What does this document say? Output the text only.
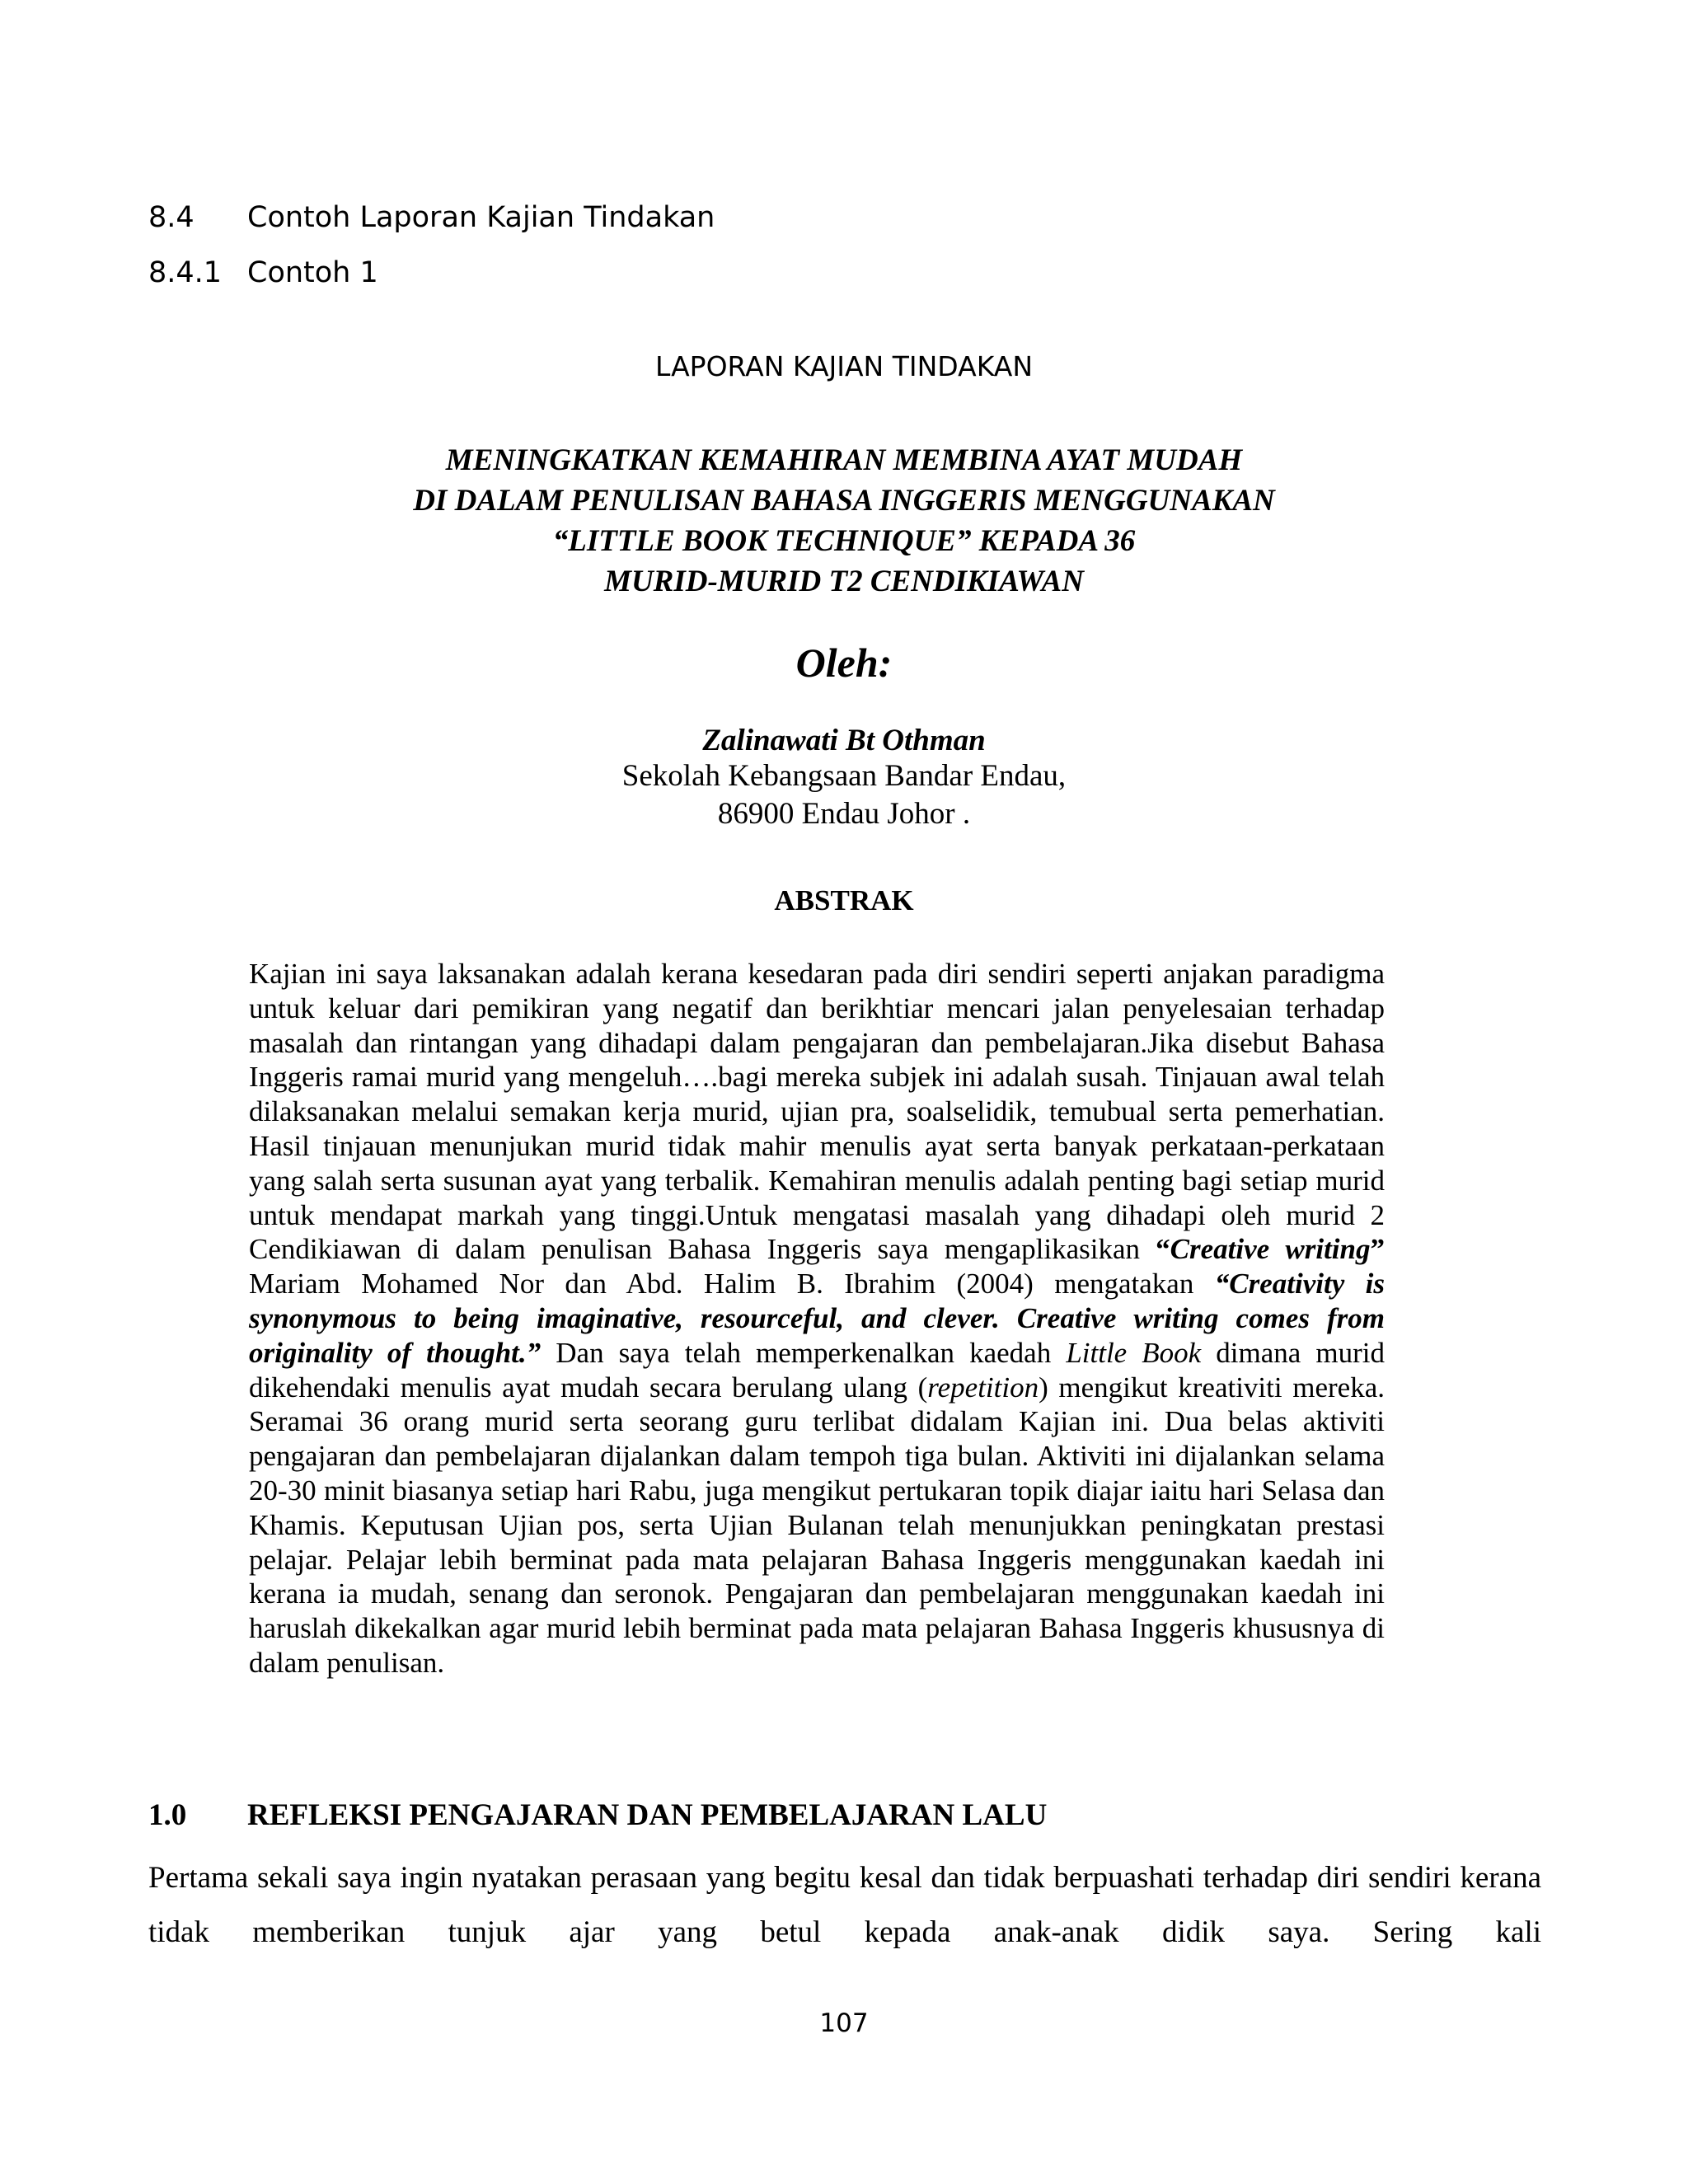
8.4 Contoh Laporan Kajian Tindakan
8.4.1 Contoh 1
LAPORAN KAJIAN TINDAKAN
MENINGKATKAN KEMAHIRAN MEMBINA AYAT MUDAH
DI DALAM PENULISAN BAHASA INGGERIS MENGGUNAKAN
“LITTLE BOOK TECHNIQUE” KEPADA 36
MURID-MURID T2 CENDIKIAWAN
Oleh:
Zalinawati Bt Othman
Sekolah Kebangsaan Bandar Endau,
86900 Endau Johor .
ABSTRAK
Kajian ini saya laksanakan adalah kerana kesedaran pada diri sendiri seperti anjakan paradigma untuk keluar dari pemikiran yang negatif dan berikhtiar mencari jalan penyelesaian terhadap masalah dan rintangan yang dihadapi dalam pengajaran dan pembelajaran.Jika disebut Bahasa Inggeris ramai murid yang mengeluh….bagi mereka subjek ini adalah susah. Tinjauan awal telah dilaksanakan melalui semakan kerja murid, ujian pra, soalselidik, temubual serta pemerhatian. Hasil tinjauan menunjukan murid tidak mahir menulis ayat serta banyak perkataan-perkataan yang salah serta susunan ayat yang terbalik. Kemahiran menulis adalah penting bagi setiap murid untuk mendapat markah yang tinggi.Untuk mengatasi masalah yang dihadapi oleh murid 2 Cendikiawan di dalam penulisan Bahasa Inggeris saya mengaplikasikan “Creative writing” Mariam Mohamed Nor dan Abd. Halim B. Ibrahim (2004) mengatakan “Creativity is synonymous to being imaginative, resourceful, and clever. Creative writing comes from originality of thought.” Dan saya telah memperkenalkan kaedah Little Book dimana murid dikehendaki menulis ayat mudah secara berulang ulang (repetition) mengikut kreativiti mereka. Seramai 36 orang murid serta seorang guru terlibat didalam Kajian ini. Dua belas aktiviti pengajaran dan pembelajaran dijalankan dalam tempoh tiga bulan. Aktiviti ini dijalankan selama 20-30 minit biasanya setiap hari Rabu, juga mengikut pertukaran topik diajar iaitu hari Selasa dan Khamis. Keputusan Ujian pos, serta Ujian Bulanan telah menunjukkan peningkatan prestasi pelajar. Pelajar lebih berminat pada mata pelajaran Bahasa Inggeris menggunakan kaedah ini kerana ia mudah, senang dan seronok. Pengajaran dan pembelajaran menggunakan kaedah ini haruslah dikekalkan agar murid lebih berminat pada mata pelajaran Bahasa Inggeris khususnya di dalam penulisan.
1.0 REFLEKSI PENGAJARAN DAN PEMBELAJARAN LALU
Pertama sekali saya ingin nyatakan perasaan yang begitu kesal dan tidak berpuashati terhadap diri sendiri kerana tidak memberikan tunjuk ajar yang betul kepada anak-anak didik saya. Sering kali
107
